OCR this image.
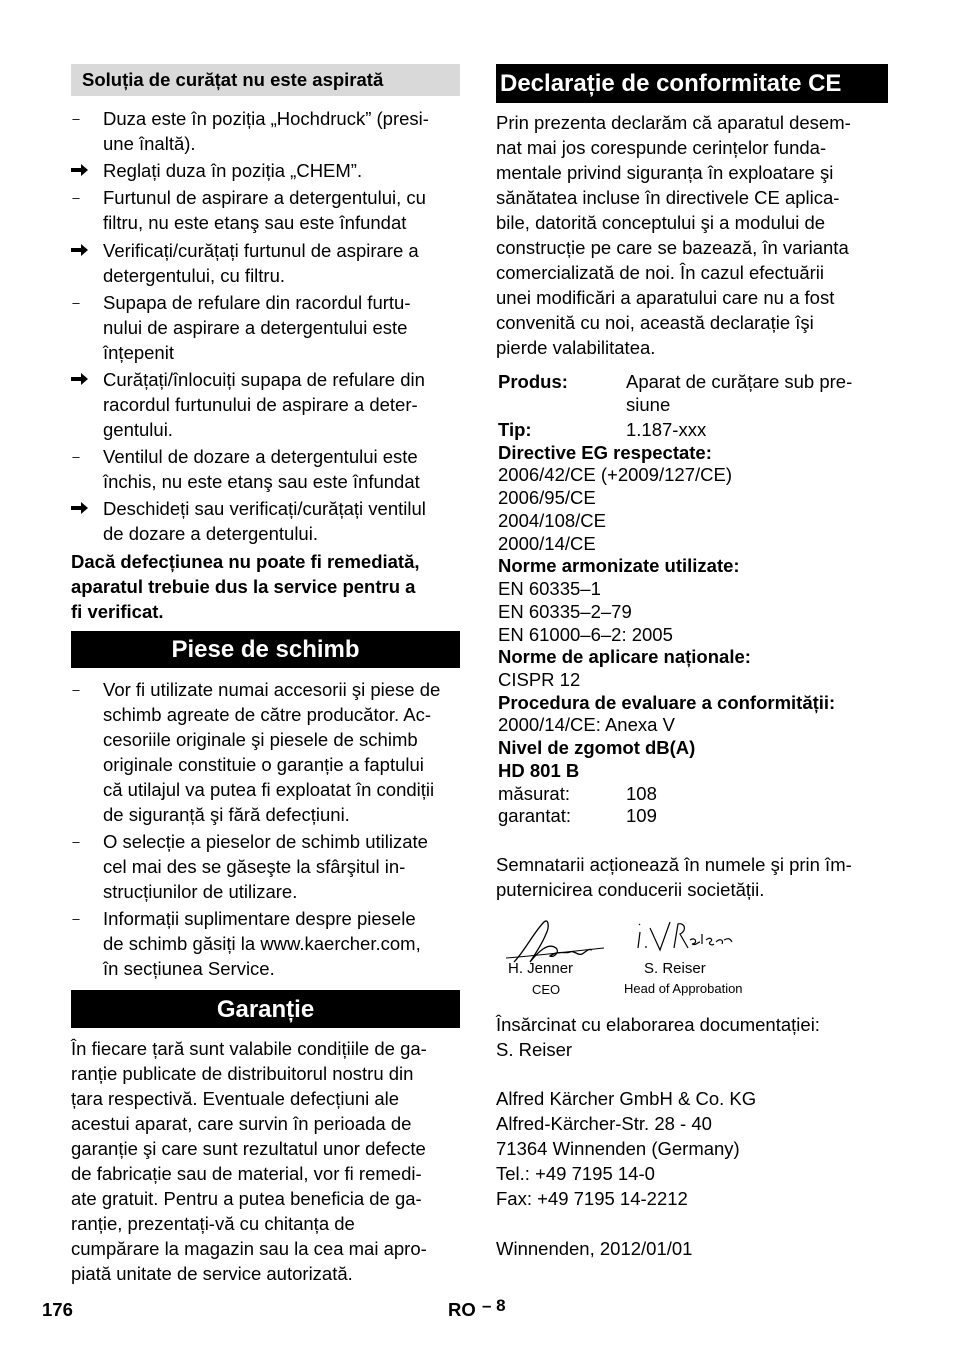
Soluția de curățat nu este aspirată
– Duza este în poziția „Hochdruck” (presi-
une înaltă).
Reglați duza în poziția „CHEM”.
– Furtunul de aspirare a detergentului, cu
filtru, nu este etanş sau este înfundat
Verificați/curățați furtunul de aspirare a
detergentului, cu filtru.
– Supapa de refulare din racordul furtu-
nului de aspirare a detergentului este
înțepenit
Curățați/înlocuiți supapa de refulare din
racordul furtunului de aspirare a deter-
gentului.
– Ventilul de dozare a detergentului este
închis, nu este etanş sau este înfundat
Deschideți sau verificați/curățați ventilul
de dozare a detergentului.
Dacă defecțiunea nu poate fi remediată,
aparatul trebuie dus la service pentru a
fi verificat.
Piese de schimb
– Vor fi utilizate numai accesorii şi piese de
schimb agreate de către producător. Ac-
cesoriile originale şi piesele de schimb
originale constituie o garanție a faptului
că utilajul va putea fi exploatat în condiții
de siguranță şi fără defecțiuni.
– O selecție a pieselor de schimb utilizate
cel mai des se găseşte la sfârşitul in-
strucțiunilor de utilizare.
– Informații suplimentare despre piesele
de schimb găsiți la www.kaercher.com,
în secțiunea Service.
Garanție
În fiecare țară sunt valabile condițiile de ga-
ranție publicate de distribuitorul nostru din
țara respectivă. Eventuale defecțiuni ale
acestui aparat, care survin în perioada de
garanție şi care sunt rezultatul unor defecte
de fabricație sau de material, vor fi remedi-
ate gratuit. Pentru a putea beneficia de ga-
ranție, prezentați-vă cu chitanța de
cumpărare la magazin sau la cea mai apro-
piată unitate de service autorizată.
Declarație de conformitate CE
Prin prezenta declarăm că aparatul desem-
nat mai jos corespunde cerințelor funda-
mentale privind siguranța în exploatare şi
sănătatea incluse în directivele CE aplica-
bile, datorită conceptului şi a modului de
construcție pe care se bazează, în varianta
comercializată de noi. În cazul efectuării
unei modificări a aparatului care nu a fost
convenită cu noi, această declarație îşi
pierde valabilitatea.
Produs:	Aparat de curățare sub pre-
siune
Tip:	1.187-xxx
Directive EG respectate:
2006/42/CE (+2009/127/CE)
2006/95/CE
2004/108/CE
2000/14/CE
Norme armonizate utilizate:
EN 60335–1
EN 60335–2–79
EN 61000–6–2: 2005
Norme de aplicare naționale:
CISPR 12
Procedura de evaluare a conformității:
2000/14/CE: Anexa V
Nivel de zgomot dB(A)
HD 801 B
măsurat:	108
garantat:	109
Semnatarii acționează în numele şi prin îm-
puternicirea conducerii societății.
H. Jenner
CEO
S. Reiser
Head of Approbation
Însărcinat cu elaborarea documentației:
S. Reiser
Alfred Kärcher GmbH & Co. KG
Alfred-Kärcher-Str. 28 - 40
71364 Winnenden (Germany)
Tel.: +49 7195 14-0
Fax: +49 7195 14-2212
Winnenden, 2012/01/01
176	RO – 8
